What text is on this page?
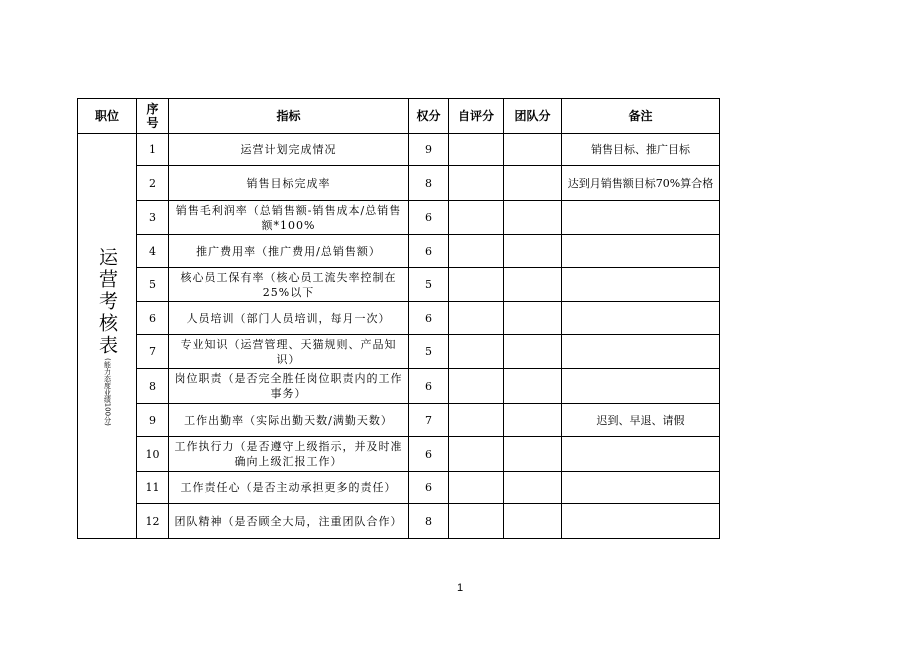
职位	序号	指标	权分	自评分	团队分	备注

运营考核表
(能力态度业绩100分)	1	运营计划完成情况	9			销售目标、推广目标
	2	销售目标完成率	8			达到月销售额目标70%算合格
	3	销售毛利润率（总销售额-销售成本/总销售额*100%	6			
	4	推广费用率（推广费用/总销售额）	6			
	5	核心员工保有率（核心员工流失率控制在25%以下	5			
	6	人员培训（部门人员培训，每月一次）	6			
	7	专业知识（运营管理、天猫规则、产品知识）	5			
	8	岗位职责（是否完全胜任岗位职责内的工作事务）	6			
	9	工作出勤率（实际出勤天数/满勤天数）	7			迟到、早退、请假
	10	工作执行力（是否遵守上级指示，并及时准确向上级汇报工作）	6			
	11	工作责任心（是否主动承担更多的责任）	6			
	12	团队精神（是否顾全大局，注重团队合作）	8			
1
